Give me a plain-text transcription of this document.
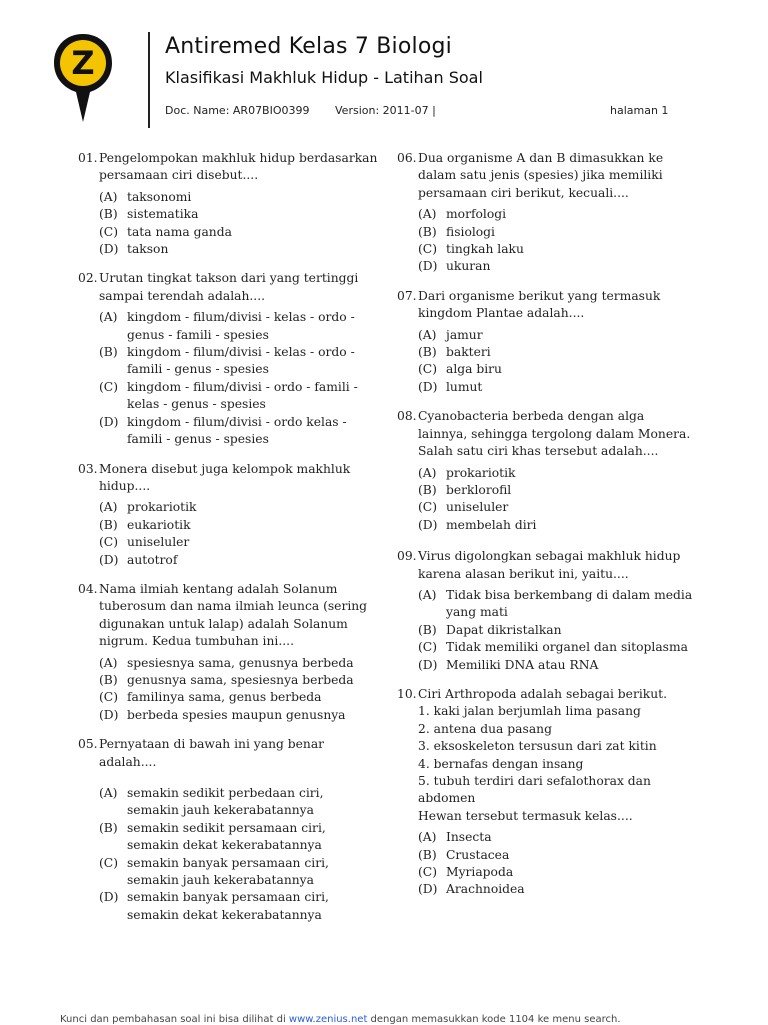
Z	Antiremed Kelas 7 Biologi
Klasifikasi Makhluk Hidup - Latihan Soal
Doc. Name: AR07BIO0399 Version: 2011-07 |	halaman 1
01. Pengelompokan makhluk hidup berdasarkan persamaan ciri disebut....
(A) taksonomi
(B) sistematika
(C) tata nama ganda
(D) takson
02. Urutan tingkat takson dari yang tertinggi sampai terendah adalah....
(A) kingdom - filum/divisi - kelas - ordo - genus - famili - spesies
(B) kingdom - filum/divisi - kelas - ordo - famili - genus - spesies
(C) kingdom - filum/divisi - ordo - famili - kelas - genus - spesies
(D) kingdom - filum/divisi - ordo kelas - famili - genus - spesies
03. Monera disebut juga kelompok makhluk hidup....
(A) prokariotik
(B) eukariotik
(C) uniseluler
(D) autotrof
04. Nama ilmiah kentang adalah Solanum tuberosum dan nama ilmiah leunca (sering digunakan untuk lalap) adalah Solanum nigrum. Kedua tumbuhan ini....
(A) spesiesnya sama, genusnya berbeda
(B) genusnya sama, spesiesnya berbeda
(C) familinya sama, genus berbeda
(D) berbeda spesies maupun genusnya
05. Pernyataan di bawah ini yang benar adalah....
(A) semakin sedikit perbedaan ciri, semakin jauh kekerabatannya
(B) semakin sedikit persamaan ciri, semakin dekat kekerabatannya
(C) semakin banyak persamaan ciri, semakin jauh kekerabatannya
(D) semakin banyak persamaan ciri, semakin dekat kekerabatannya
06. Dua organisme A dan B dimasukkan ke dalam satu jenis (spesies) jika memiliki persamaan ciri berikut, kecuali....
(A) morfologi
(B) fisiologi
(C) tingkah laku
(D) ukuran
07. Dari organisme berikut yang termasuk kingdom Plantae adalah....
(A) jamur
(B) bakteri
(C) alga biru
(D) lumut
08. Cyanobacteria berbeda dengan alga lainnya, sehingga tergolong dalam Monera. Salah satu ciri khas tersebut adalah....
(A) prokariotik
(B) berklorofil
(C) uniseluler
(D) membelah diri
09. Virus digolongkan sebagai makhluk hidup karena alasan berikut ini, yaitu....
(A) Tidak bisa berkembang di dalam media yang mati
(B) Dapat dikristalkan
(C) Tidak memiliki organel dan sitoplasma
(D) Memiliki DNA atau RNA
10. Ciri Arthropoda adalah sebagai berikut.
1. kaki jalan berjumlah lima pasang
2. antena dua pasang
3. eksoskeleton tersusun dari zat kitin
4. bernafas dengan insang
5. tubuh terdiri dari sefalothorax dan abdomen
Hewan tersebut termasuk kelas....
(A) Insecta
(B) Crustacea
(C) Myriapoda
(D) Arachnoidea
Kunci dan pembahasan soal ini bisa dilihat di www.zenius.net dengan memasukkan kode 1104 ke menu search.
